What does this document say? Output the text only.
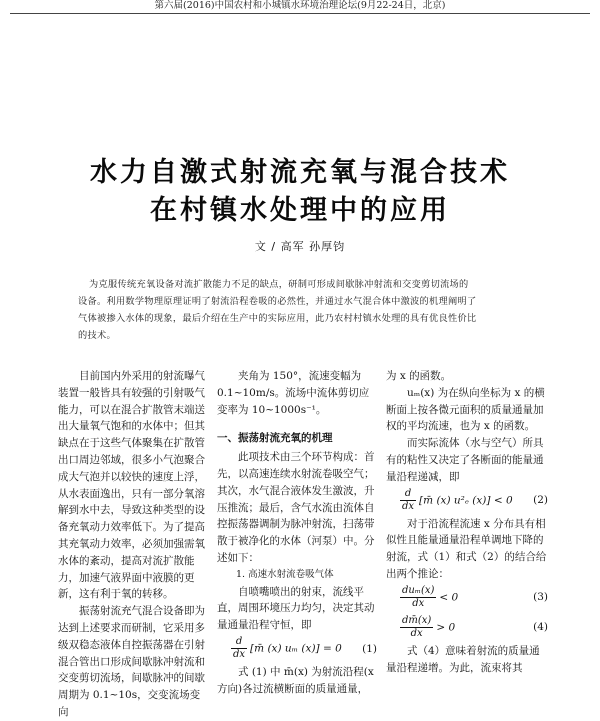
第六届(2016)中国农村和小城镇水环境治理论坛(9月22-24日，北京)
水力自激式射流充氧与混合技术
在村镇水处理中的应用
文 / 高军 孙厚钧

为克服传统充氧设备对流扩散能力不足的缺点，研制可形成间歇脉冲射流和交变剪切流场的

设备。利用数学物理原理证明了射流沿程卷吸的必然性，并通过水气混合体中激波的机理阐明了

气体被掺入水体的现象，最后介绍在生产中的实际应用，此乃农村村镇水处理的具有优良性价比

的技术。

目前国内外采用的射流曝气装置一般皆具有较强的引射吸气能力，可以在混合扩散管末端送出大量氧气饱和的水体中；但其缺点在于这些气体聚集在扩散管出口周边邻域，很多小气泡聚合成大气泡并以较快的速度上浮，从水表面逸出，只有一部分氧溶解到水中去，导致这种类型的设备充氧动力效率低下。为了提高其充氧动力效率，必须加强需氧水体的紊动，提高对流扩散能力，加速气液界面中液膜的更新，这有利于氧的转移。

振荡射流充气混合设备即为达到上述要求而研制，它采用多级双稳态液体自控振荡器在引射混合管出口形成间歇脉冲射流和交变剪切流场，间歇脉冲的间歇周期为 0.1~10s，交变流场变向

夹角为 150°，流速变幅为 0.1~10m/s。流场中流体剪切应变率为 10~1000s⁻¹。

一、振荡射流充氧的机理

此项技术由三个环节构成：首先，以高速连续水射流卷吸空气；其次，水气混合液体发生激波，升压推流；最后，含气水流由流体自控振荡器调制为脉冲射流，扫荡带散于被净化的水体（河泵）中。分述如下：

1. 高速水射流卷吸气体

自喷嘴喷出的射束，流线平直，周围环境压力均匀，决定其动量通量沿程守恒，即

$\frac{d}{dx}$ [m̄ (x) uₘ (x)] = 0	(1)

式 (1) 中 m̄(x) 为射流沿程(x方向)各过流横断面的质量通量，

为 x 的函数。

uₘ(x) 为在纵向坐标为 x 的横断面上按各微元面积的质量通量加权的平均流速，也为 x 的函数。

而实际流体（水与空气）所具有的粘性又决定了各断面的能量通量沿程递减，即

$\frac{d}{dx}$ [m̄ (x) u²ₑ (x)] < 0	(2)

对于沿流程流速 x 分布具有相似性且能量通量沿程单调地下降的射流，式（1）和式（2）的结合给出两个推论：

$\frac{\text{duₘ(x)}}{dx} < 0$	(3)
$\frac{dm̄(x)}{dx} > 0$	(4)

式（4）意味着射流的质量通量沿程递增。为此，流束将其
